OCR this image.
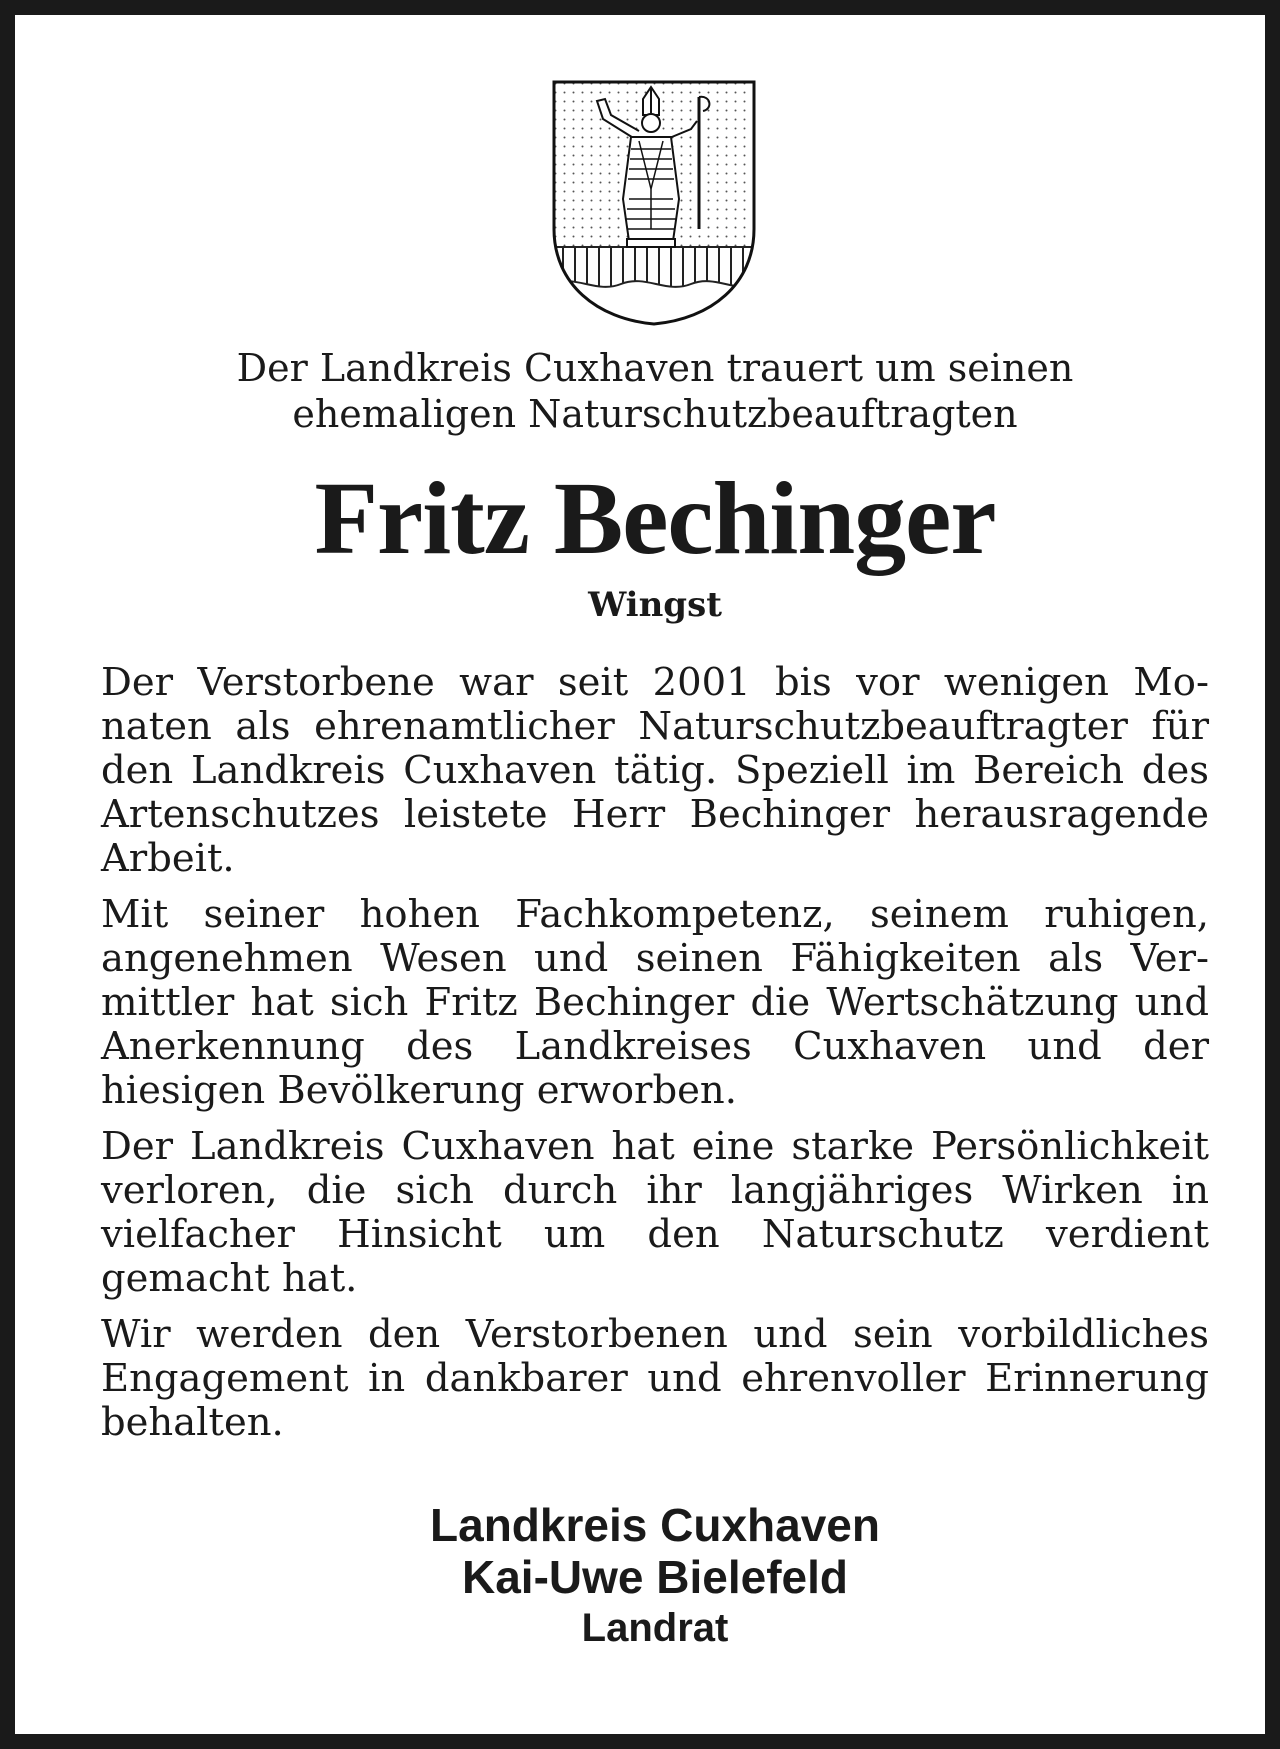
Der Landkreis Cuxhaven trauert um seinen
ehemaligen Naturschutzbeauftragten

Fritz Bechinger

Wingst

Der Verstorbene war seit 2001 bis vor wenigen Monaten als ehrenamtlicher Naturschutzbeauftragter für den Landkreis Cuxhaven tätig. Speziell im Bereich des Artenschutzes leistete Herr Bechinger herausragende Arbeit.

Mit seiner hohen Fachkompetenz, seinem ruhigen, angenehmen Wesen und seinen Fähigkeiten als Vermittler hat sich Fritz Bechinger die Wertschätzung und Anerkennung des Landkreises Cuxhaven und der hiesigen Bevölkerung erworben.

Der Landkreis Cuxhaven hat eine starke Persönlichkeit verloren, die sich durch ihr langjähriges Wirken in vielfacher Hinsicht um den Naturschutz verdient gemacht hat.

Wir werden den Verstorbenen und sein vorbildliches Engagement in dankbarer und ehrenvoller Erinnerung behalten.

Landkreis Cuxhaven
Kai-Uwe Bielefeld
Landrat
